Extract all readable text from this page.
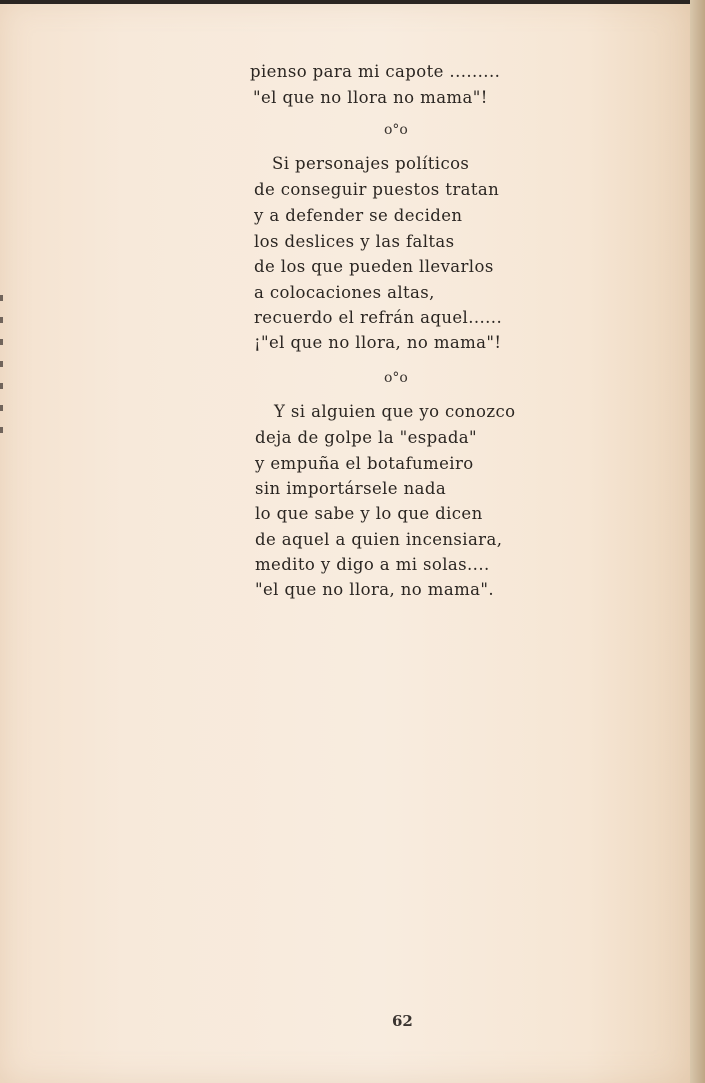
pienso para mi capote .........
"el que no llora no mama"!
o°o
Si personajes políticos
de conseguir puestos tratan
y a defender se deciden
los deslices y las faltas
de los que pueden llevarlos
a colocaciones altas,
recuerdo el refrán aquel......
¡"el que no llora, no mama"!
o°o
Y si alguien que yo conozco
deja de golpe la "espada"
y empuña el botafumeiro
sin importársele nada
lo que sabe y lo que dicen
de aquel a quien incensiara,
medito y digo a mi solas....
"el que no llora, no mama".
62
